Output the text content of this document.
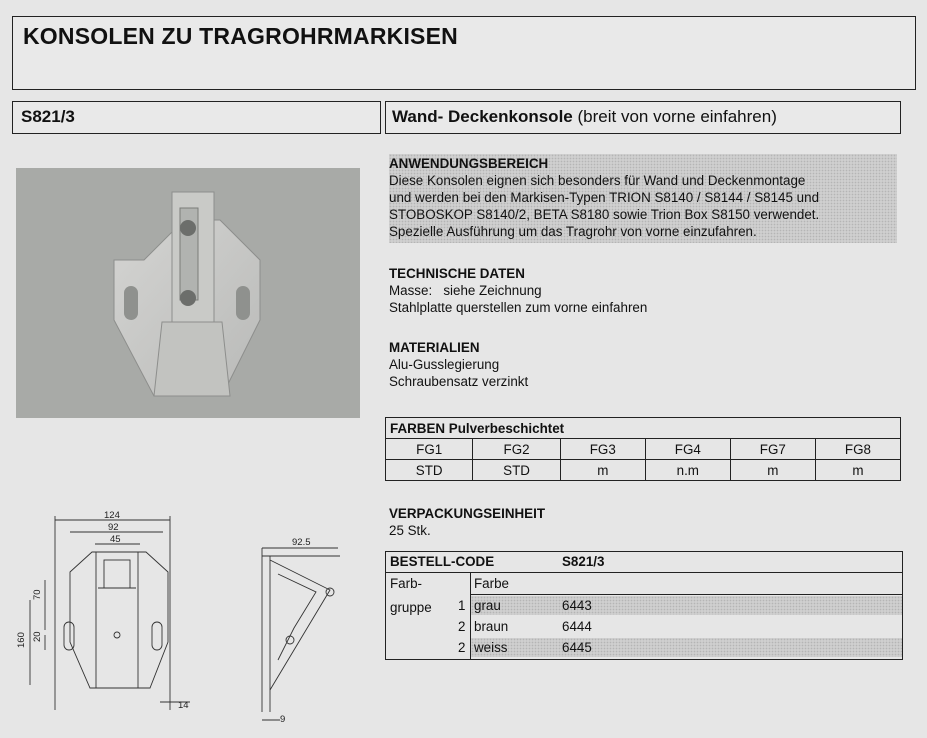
KONSOLEN ZU TRAGROHRMARKISEN
S821/3	Wand- Deckenkonsole (breit von vorne einfahren)
ANWENDUNGSBEREICH
Diese Konsolen eignen sich besonders für Wand und Deckenmontage
und werden bei den Markisen-Typen TRION S8140 / S8144 / S8145 und
STOBOSKOP S8140/2, BETA S8180 sowie Trion Box S8150 verwendet.
Spezielle Ausführung um das Tragrohr von vorne einzufahren.
TECHNISCHE DATEN
Masse:   siehe Zeichnung
Stahlplatte querstellen zum vorne einfahren
MATERIALIEN
Alu-Gusslegierung
Schraubensatz verzinkt
FARBEN Pulverbeschichtet					
FG1	FG2	FG3	FG4	FG7	FG8
STD	STD	m	n.m	m	m
VERPACKUNGSEINHEIT
25 Stk.
BESTELL-CODE	S821/3
Farb-
gruppe
Farbe
1 grau	6443
2 braun	6444
2 weiss	6445
124
92
45
70
20
160
14
92.5
9
